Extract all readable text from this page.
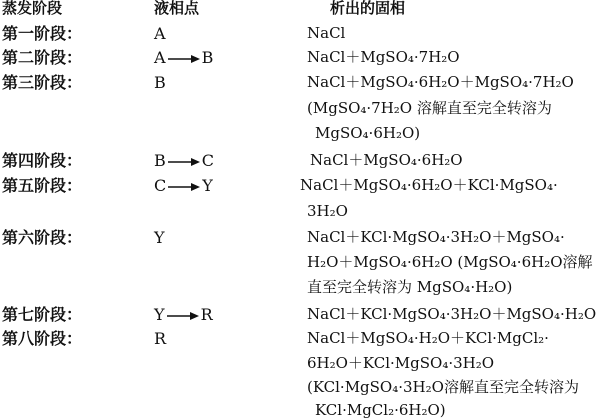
蒸发阶段	液相点	析出的固相
第一阶段：	A	NaCl
第二阶段：	A B	NaCl＋MgSO₄·7H₂O
第三阶段：	B	NaCl＋MgSO₄·6H₂O＋MgSO₄·7H₂O
(MgSO₄·7H₂O 溶解直至完全转溶为
MgSO₄·6H₂O)
第四阶段：	B C	NaCl＋MgSO₄·6H₂O
第五阶段：	C Y	NaCl＋MgSO₄·6H₂O＋KCl·MgSO₄·
3H₂O
第六阶段：	Y	NaCl＋KCl·MgSO₄·3H₂O＋MgSO₄·
H₂O＋MgSO₄·6H₂O (MgSO₄·6H₂O溶解
直至完全转溶为 MgSO₄·H₂O)
第七阶段：	Y R	NaCl＋KCl·MgSO₄·3H₂O＋MgSO₄·H₂O
第八阶段：	R	NaCl＋MgSO₄·H₂O＋KCl·MgCl₂·
6H₂O＋KCl·MgSO₄·3H₂O
(KCl·MgSO₄·3H₂O溶解直至完全转溶为
KCl·MgCl₂·6H₂O)
